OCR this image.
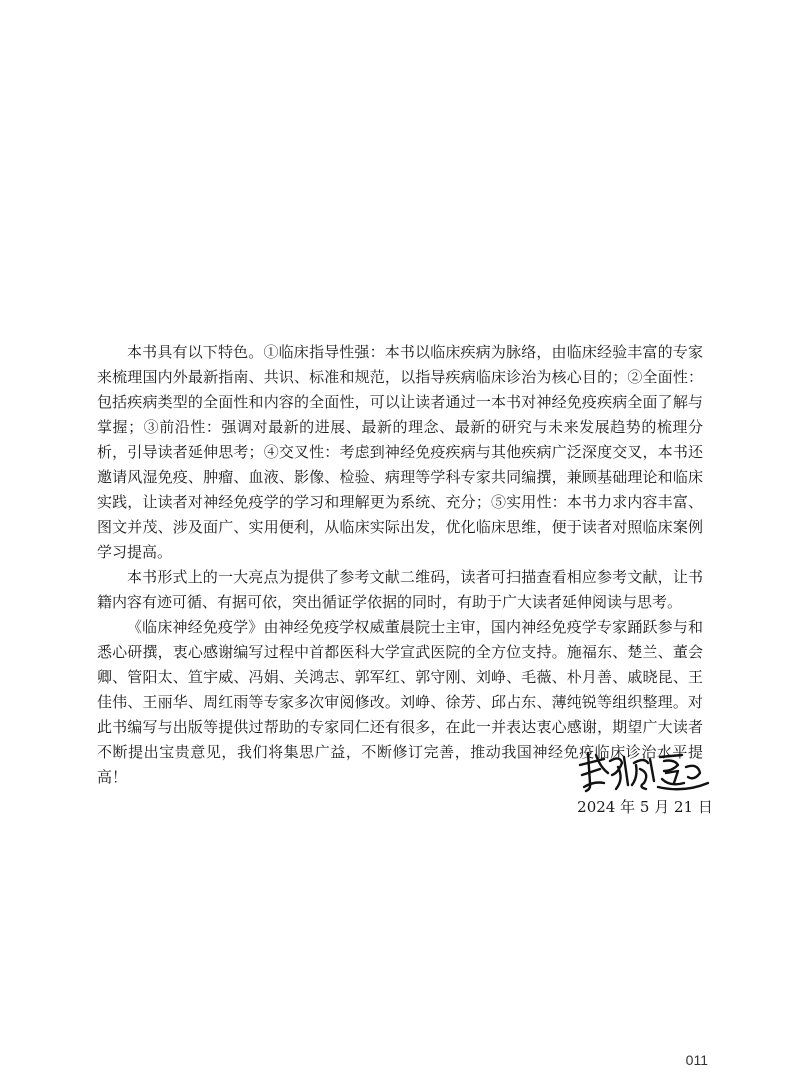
本书具有以下特色。①临床指导性强：本书以临床疾病为脉络，由临床经验丰富的专家来梳理国内外最新指南、共识、标准和规范，以指导疾病临床诊治为核心目的；②全面性：包括疾病类型的全面性和内容的全面性，可以让读者通过一本书对神经免疫疾病全面了解与掌握；③前沿性：强调对最新的进展、最新的理念、最新的研究与未来发展趋势的梳理分析，引导读者延伸思考；④交叉性：考虑到神经免疫疾病与其他疾病广泛深度交叉，本书还邀请风湿免疫、肿瘤、血液、影像、检验、病理等学科专家共同编撰，兼顾基础理论和临床实践，让读者对神经免疫学的学习和理解更为系统、充分；⑤实用性：本书力求内容丰富、图文并茂、涉及面广、实用便利，从临床实际出发，优化临床思维，便于读者对照临床案例学习提高。

本书形式上的一大亮点为提供了参考文献二维码，读者可扫描查看相应参考文献，让书籍内容有迹可循、有据可依，突出循证学依据的同时，有助于广大读者延伸阅读与思考。

《临床神经免疫学》由神经免疫学权威董晨院士主审，国内神经免疫学专家踊跃参与和悉心研撰，衷心感谢编写过程中首都医科大学宣武医院的全方位支持。施福东、楚兰、董会卿、管阳太、笪宇威、冯娟、关鸿志、郭军红、郭守刚、刘峥、毛薇、朴月善、戚晓昆、王佳伟、王丽华、周红雨等专家多次审阅修改。刘峥、徐芳、邱占东、薄纯锐等组织整理。对此书编写与出版等提供过帮助的专家同仁还有很多，在此一并表达衷心感谢，期望广大读者不断提出宝贵意见，我们将集思广益，不断修订完善，推动我国神经免疫临床诊治水平提高！

2024 年 5 月 21 日
011
